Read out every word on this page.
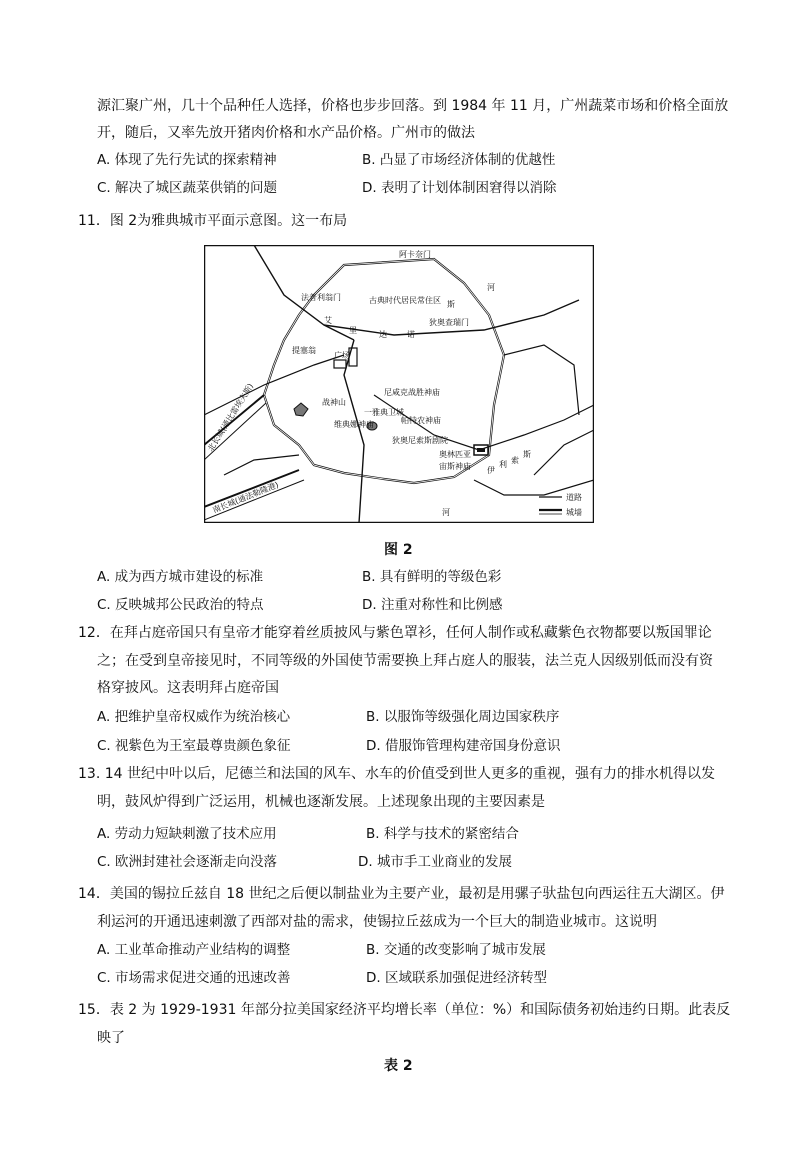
源汇聚广州，几十个品种任人选择，价格也步步回落。到 1984 年 11 月，广州蔬菜市场和价格全面放
开，随后，又率先放开猪肉价格和水产品价格。广州市的做法
A. 体现了先行先试的探索精神	B. 凸显了市场经济体制的优越性
C. 解决了城区蔬菜供销的问题	D. 表明了计划体制困窘得以消除
11．图 2为雅典城市平面示意图。这一布局
阿卡奈门
法普利翁门	古典时代居民常住区
河
斯
狄奥查瑞门
艾
里	达	诺
提塞翁
广场
战神山
尼咸克战胜神庙
一雅典卫城
帕特农神庙
维典娜神庙
狄奥尼索斯剧院
奥林匹亚
宙斯神庙
北长城(通比雷埃夫斯)
南长城(通法勒隆港)
伊
利 索
斯
河
道路
城墙
图 2
A. 成为西方城市建设的标准	B. 具有鲜明的等级色彩
C. 反映城邦公民政治的特点	D. 注重对称性和比例感
12．在拜占庭帝国只有皇帝才能穿着丝质披风与紫色罩衫，任何人制作或私藏紫色衣物都要以叛国罪论
之；在受到皇帝接见时，不同等级的外国使节需要换上拜占庭人的服装，法兰克人因级别低而没有资
格穿披风。这表明拜占庭帝国
A. 把维护皇帝权威作为统治核心	B. 以服饰等级强化周边国家秩序
C. 视紫色为王室最尊贵颜色象征	D. 借服饰管理构建帝国身份意识
13. 14 世纪中叶以后，尼德兰和法国的风车、水车的价值受到世人更多的重视，强有力的排水机得以发
明，鼓风炉得到广泛运用，机械也逐渐发展。上述现象出现的主要因素是
A. 劳动力短缺刺激了技术应用	B. 科学与技术的紧密结合
C. 欧洲封建社会逐渐走向没落	D. 城市手工业商业的发展
14．美国的锡拉丘兹自 18 世纪之后便以制盐业为主要产业，最初是用骡子驮盐包向西运往五大湖区。伊
利运河的开通迅速刺激了西部对盐的需求，使锡拉丘兹成为一个巨大的制造业城市。这说明
A. 工业革命推动产业结构的调整	B. 交通的改变影响了城市发展
C. 市场需求促进交通的迅速改善	D. 区域联系加强促进经济转型
15．表 2 为 1929-1931 年部分拉美国家经济平均增长率（单位：%）和国际债务初始违约日期。此表反
映了
表 2
